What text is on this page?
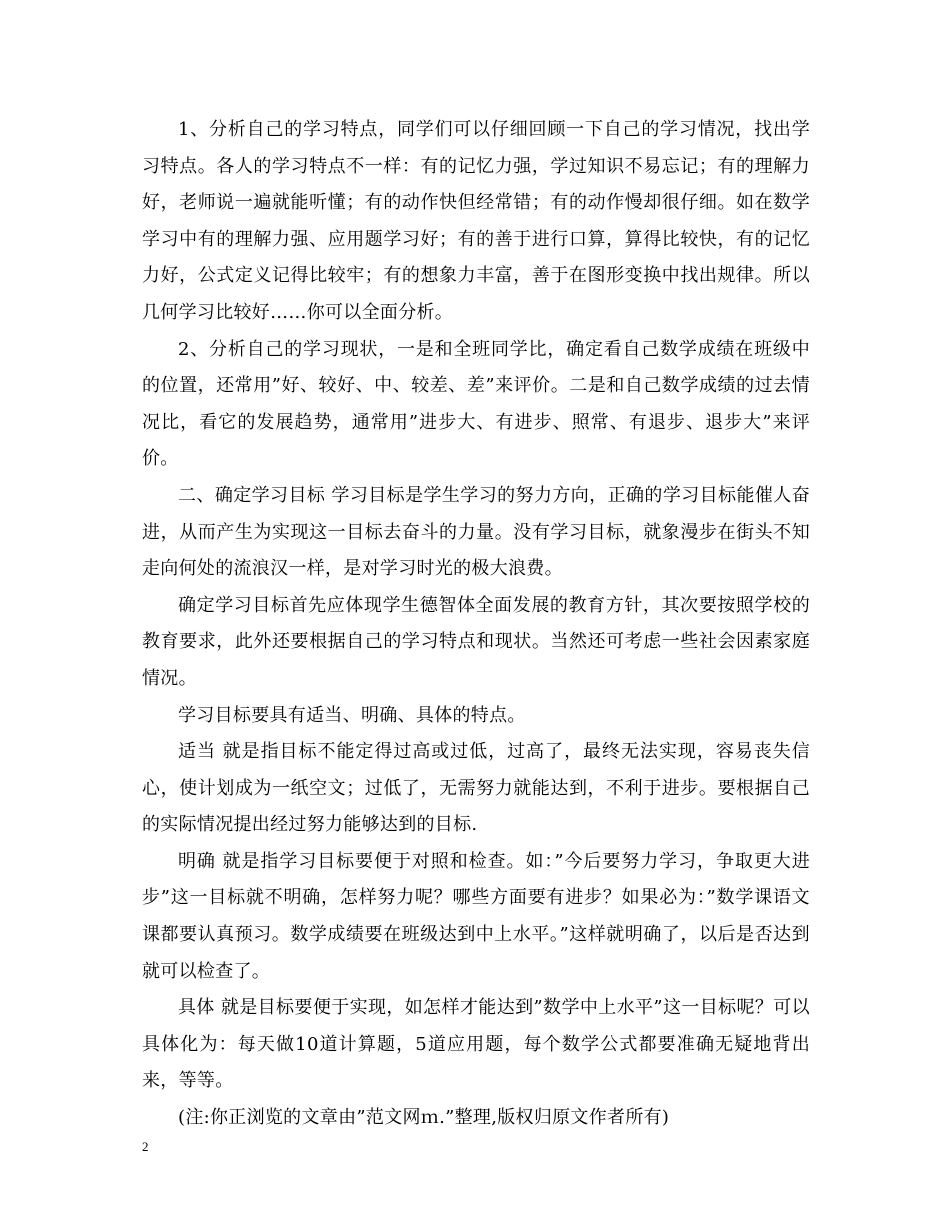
1、分析自己的学习特点，同学们可以仔细回顾一下自己的学习情况，找出学习特点。各人的学习特点不一样：有的记忆力强，学过知识不易忘记；有的理解力好，老师说一遍就能听懂；有的动作快但经常错；有的动作慢却很仔细。如在数学学习中有的理解力强、应用题学习好；有的善于进行口算，算得比较快，有的记忆力好，公式定义记得比较牢；有的想象力丰富，善于在图形变换中找出规律。所以几何学习比较好……你可以全面分析。

2、分析自己的学习现状，一是和全班同学比，确定看自己数学成绩在班级中的位置，还常用”好、较好、中、较差、差”来评价。二是和自己数学成绩的过去情况比，看它的发展趋势，通常用”进步大、有进步、照常、有退步、退步大”来评价。

二、确定学习目标 学习目标是学生学习的努力方向，正确的学习目标能催人奋进，从而产生为实现这一目标去奋斗的力量。没有学习目标，就象漫步在街头不知走向何处的流浪汉一样，是对学习时光的极大浪费。

确定学习目标首先应体现学生德智体全面发展的教育方针，其次要按照学校的教育要求，此外还要根据自己的学习特点和现状。当然还可考虑一些社会因素家庭情况。

学习目标要具有适当、明确、具体的特点。

适当 就是指目标不能定得过高或过低，过高了，最终无法实现，容易丧失信心，使计划成为一纸空文；过低了，无需努力就能达到，不利于进步。要根据自己的实际情况提出经过努力能够达到的目标.

明确 就是指学习目标要便于对照和检查。如：”今后要努力学习，争取更大进步”这一目标就不明确，怎样努力呢？哪些方面要有进步？如果必为：”数学课语文课都要认真预习。数学成绩要在班级达到中上水平。”这样就明确了，以后是否达到就可以检查了。

具体 就是目标要便于实现，如怎样才能达到”数学中上水平”这一目标呢？可以具体化为：每天做10道计算题，5道应用题，每个数学公式都要准确无疑地背出来，等等。

(注:你正浏览的文章由”范文网ｍ.”整理,版权归原文作者所有)

2
